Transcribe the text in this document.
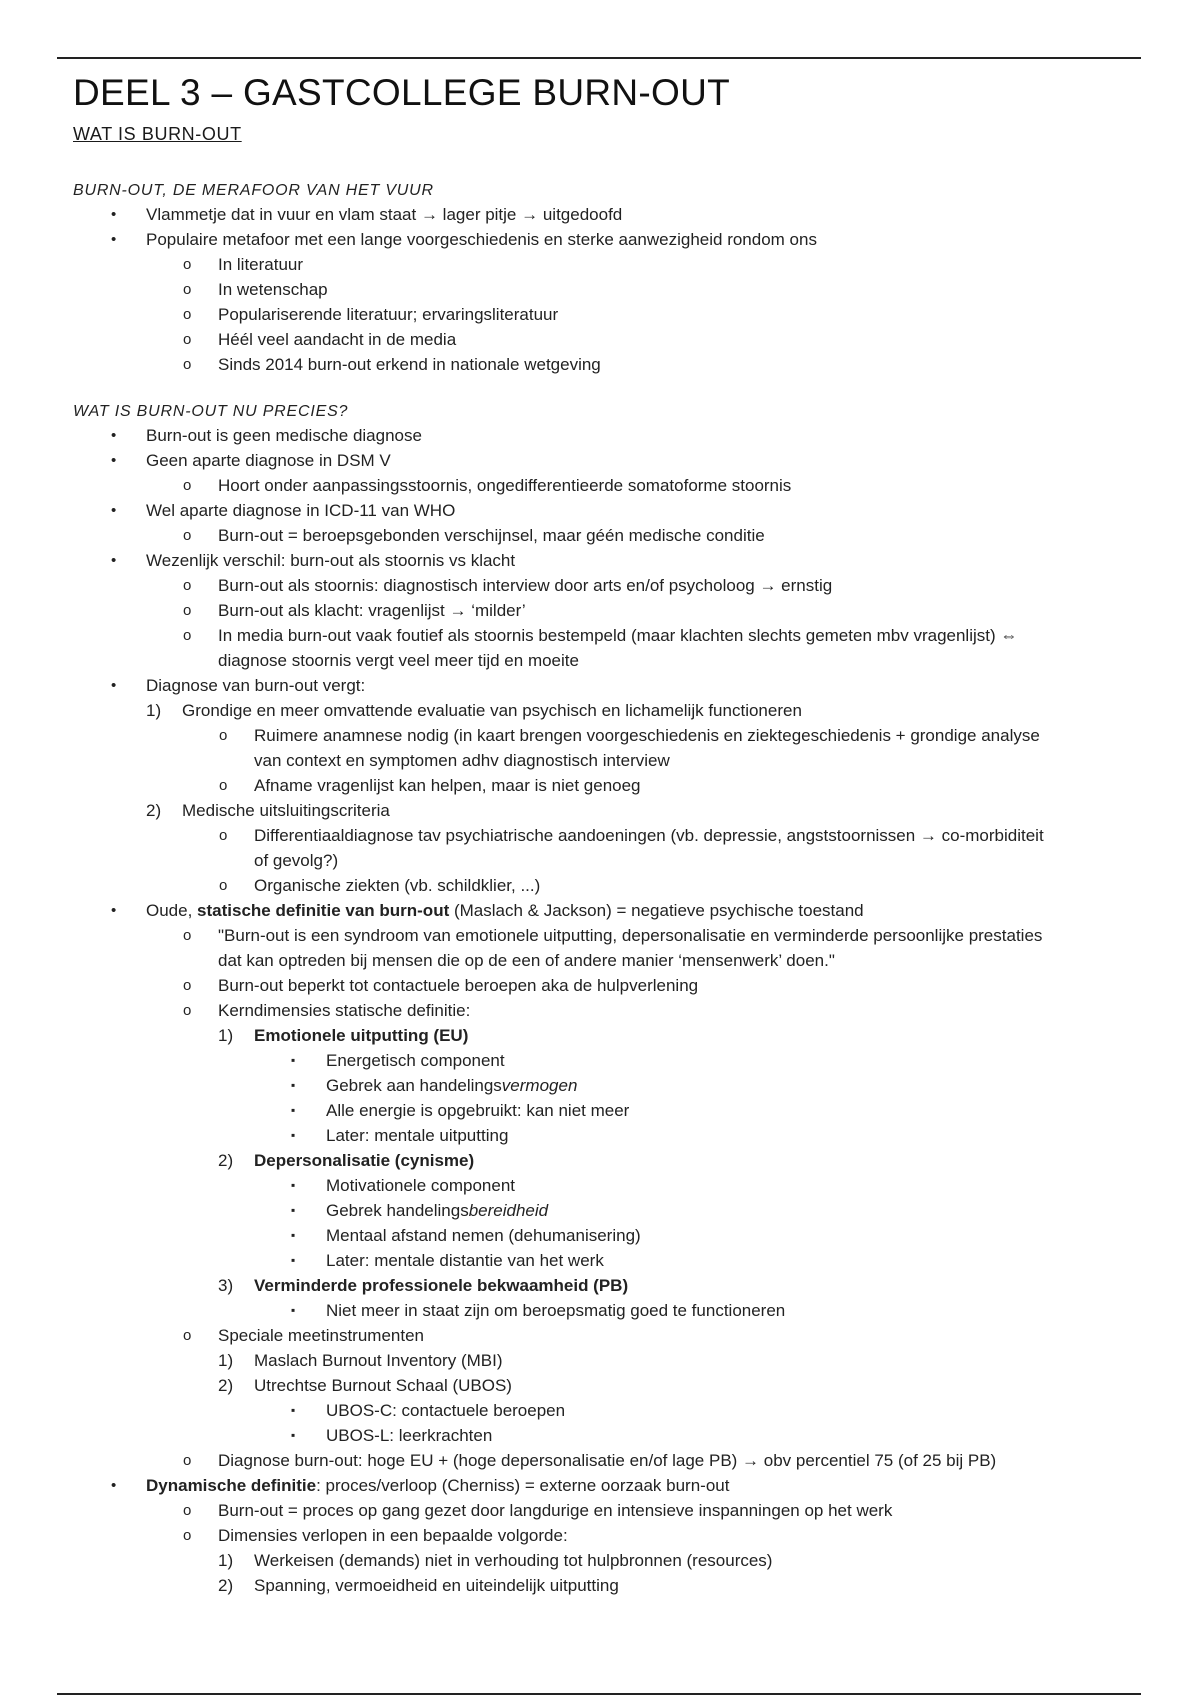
DEEL 3 – GASTCOLLEGE BURN-OUT
WAT IS BURN-OUT
BURN-OUT, DE MERAFOOR VAN HET VUUR
•	Vlammetje dat in vuur en vlam staat → lager pitje → uitgedoofd
•	Populaire metafoor met een lange voorgeschiedenis en sterke aanwezigheid rondom ons
o	In literatuur
o	In wetenschap
o	Populariserende literatuur; ervaringsliteratuur
o	Héél veel aandacht in de media
o	Sinds 2014 burn-out erkend in nationale wetgeving
WAT IS BURN-OUT NU PRECIES?
•	Burn-out is geen medische diagnose
•	Geen aparte diagnose in DSM V
o	Hoort onder aanpassingsstoornis, ongedifferentieerde somatoforme stoornis
•	Wel aparte diagnose in ICD-11 van WHO
o	Burn-out = beroepsgebonden verschijnsel, maar géén medische conditie
•	Wezenlijk verschil: burn-out als stoornis vs klacht
o	Burn-out als stoornis: diagnostisch interview door arts en/of psycholoog → ernstig
o	Burn-out als klacht: vragenlijst → ‘milder’
o	In media burn-out vaak foutief als stoornis bestempeld (maar klachten slechts gemeten mbv vragenlijst) ⇔
diagnose stoornis vergt veel meer tijd en moeite
•	Diagnose van burn-out vergt:
1)	Grondige en meer omvattende evaluatie van psychisch en lichamelijk functioneren
o	Ruimere anamnese nodig (in kaart brengen voorgeschiedenis en ziektegeschiedenis + grondige analyse
van context en symptomen adhv diagnostisch interview
o	Afname vragenlijst kan helpen, maar is niet genoeg
2)	Medische uitsluitingscriteria
o	Differentiaaldiagnose tav psychiatrische aandoeningen (vb. depressie, angststoornissen → co-morbiditeit
of gevolg?)
o	Organische ziekten (vb. schildklier, ...)
•	Oude, statische definitie van burn-out (Maslach & Jackson) = negatieve psychische toestand
o	"Burn-out is een syndroom van emotionele uitputting, depersonalisatie en verminderde persoonlijke prestaties
dat kan optreden bij mensen die op de een of andere manier ‘mensenwerk’ doen."
o	Burn-out beperkt tot contactuele beroepen aka de hulpverlening
o	Kerndimensies statische definitie:
1)	Emotionele uitputting (EU)
▪	Energetisch component
▪	Gebrek aan handelingsvermogen
▪	Alle energie is opgebruikt: kan niet meer
▪	Later: mentale uitputting
2)	Depersonalisatie (cynisme)
▪	Motivationele component
▪	Gebrek handelingsbereidheid
▪	Mentaal afstand nemen (dehumanisering)
▪	Later: mentale distantie van het werk
3)	Verminderde professionele bekwaamheid (PB)
▪	Niet meer in staat zijn om beroepsmatig goed te functioneren
o	Speciale meetinstrumenten
1)	Maslach Burnout Inventory (MBI)
2)	Utrechtse Burnout Schaal (UBOS)
▪	UBOS-C: contactuele beroepen
▪	UBOS-L: leerkrachten
o	Diagnose burn-out: hoge EU + (hoge depersonalisatie en/of lage PB) → obv percentiel 75 (of 25 bij PB)
•	Dynamische definitie: proces/verloop (Cherniss) = externe oorzaak burn-out
o	Burn-out = proces op gang gezet door langdurige en intensieve inspanningen op het werk
o	Dimensies verlopen in een bepaalde volgorde:
1)	Werkeisen (demands) niet in verhouding tot hulpbronnen (resources)
2)	Spanning, vermoeidheid en uiteindelijk uitputting
